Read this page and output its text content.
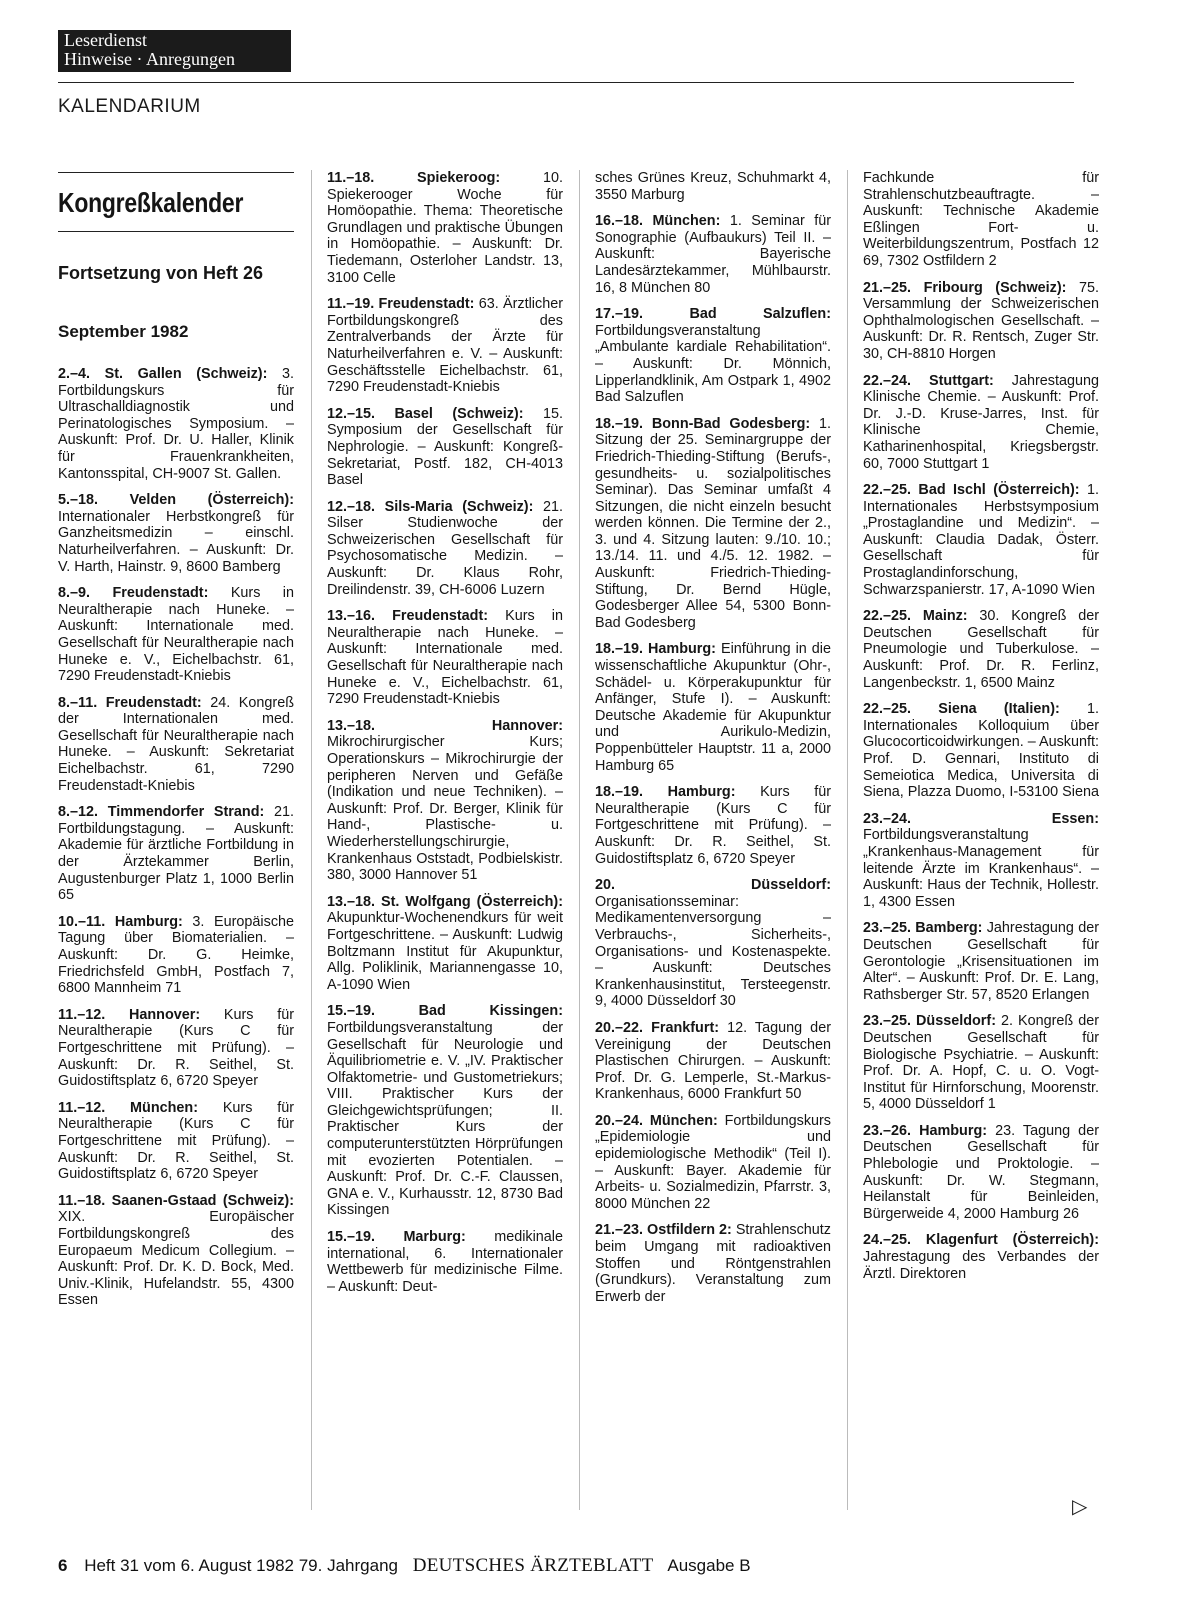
Leserdienst
Hinweise · Anregungen
KALENDARIUM
Kongreßkalender
Fortsetzung von Heft 26
September 1982
2.–4. St. Gallen (Schweiz): 3. Fortbildungskurs für Ultraschalldiagnostik und Perinatologisches Symposium. – Auskunft: Prof. Dr. U. Haller, Klinik für Frauenkrankheiten, Kantonsspital, CH-9007 St. Gallen.
5.–18. Velden (Österreich): Internationaler Herbstkongreß für Ganzheitsmedizin – einschl. Naturheilverfahren. – Auskunft: Dr. V. Harth, Hainstr. 9, 8600 Bamberg
8.–9. Freudenstadt: Kurs in Neuraltherapie nach Huneke. – Auskunft: Internationale med. Gesellschaft für Neuraltherapie nach Huneke e. V., Eichelbachstr. 61, 7290 Freudenstadt-Kniebis
8.–11. Freudenstadt: 24. Kongreß der Internationalen med. Gesellschaft für Neuraltherapie nach Huneke. – Auskunft: Sekretariat Eichelbachstr. 61, 7290 Freudenstadt-Kniebis
8.–12. Timmendorfer Strand: 21. Fortbildungstagung. – Auskunft: Akademie für ärztliche Fortbildung in der Ärztekammer Berlin, Augustenburger Platz 1, 1000 Berlin 65
10.–11. Hamburg: 3. Europäische Tagung über Biomaterialien. – Auskunft: Dr. G. Heimke, Friedrichsfeld GmbH, Postfach 7, 6800 Mannheim 71
11.–12. Hannover: Kurs für Neuraltherapie (Kurs C für Fortgeschrittene mit Prüfung). – Auskunft: Dr. R. Seithel, St. Guidostiftsplatz 6, 6720 Speyer
11.–12. München: Kurs für Neuraltherapie (Kurs C für Fortgeschrittene mit Prüfung). – Auskunft: Dr. R. Seithel, St. Guidostiftsplatz 6, 6720 Speyer
11.–18. Saanen-Gstaad (Schweiz): XIX. Europäischer Fortbildungskongreß des Europaeum Medicum Collegium. – Auskunft: Prof. Dr. K. D. Bock, Med. Univ.-Klinik, Hufelandstr. 55, 4300 Essen
11.–18.	Spiekeroog:	10. Spiekerooger Woche für Homöopathie. Thema: Theoretische Grundlagen und praktische Übungen in Homöopathie. – Auskunft: Dr. Tiedemann, Osterloher Landstr. 13, 3100 Celle
11.–19. Freudenstadt: 63. Ärztlicher Fortbildungskongreß des Zentralverbands der Ärzte für Naturheilverfahren e. V. – Auskunft: Geschäftsstelle Eichelbachstr. 61, 7290 Freudenstadt-Kniebis
12.–15. Basel (Schweiz): 15. Symposium der Gesellschaft für Nephrologie. – Auskunft: Kongreß-Sekretariat, Postf. 182, CH-4013 Basel
12.–18. Sils-Maria (Schweiz): 21. Silser Studienwoche der Schweizerischen Gesellschaft für Psychosomatische Medizin. – Auskunft: Dr. Klaus Rohr, Dreilindenstr. 39, CH-6006 Luzern
13.–16. Freudenstadt: Kurs in Neuraltherapie nach Huneke. – Auskunft: Internationale med. Gesellschaft für Neuraltherapie nach Huneke e. V., Eichelbachstr. 61, 7290 Freudenstadt-Kniebis
13.–18.	Hannover: Mikrochirurgischer Kurs; Operationskurs – Mikrochirurgie der peripheren Nerven und Gefäße (Indikation und neue Techniken). – Auskunft: Prof. Dr. Berger, Klinik für Hand-, Plastische- u. Wiederherstellungschirurgie, Krankenhaus Oststadt, Podbielskistr. 380, 3000 Hannover 51
13.–18. St. Wolfgang (Österreich): Akupunktur-Wochenendkurs für weit Fortgeschrittene. – Auskunft: Ludwig Boltzmann Institut für Akupunktur, Allg. Poliklinik, Mariannengasse 10, A-1090 Wien
15.–19.	Bad Kissingen: Fortbildungsveranstaltung der Gesellschaft für Neurologie und Äquilibriometrie e. V. „IV. Praktischer Olfaktometrie- und Gustometriekurs; VIII. Praktischer Kurs der Gleichgewichtsprüfungen; II. Praktischer Kurs der computerunterstützten Hörprüfungen mit evozierten Potentialen. – Auskunft: Prof. Dr. C.-F. Claussen, GNA e. V., Kurhausstr. 12, 8730 Bad Kissingen
15.–19. Marburg: medikinale international, 6. Internationaler Wettbewerb für medizinische Filme. – Auskunft: Deut-
sches Grünes Kreuz, Schuhmarkt 4, 3550 Marburg
16.–18. München: 1. Seminar für Sonographie (Aufbaukurs) Teil II. – Auskunft: Bayerische Landesärztekammer, Mühlbaurstr. 16, 8 München 80
17.–19.	Bad Salzuflen: Fortbildungsveranstaltung „Ambulante kardiale Rehabilitation“. – Auskunft: Dr. Mönnich, Lipperlandklinik, Am Ostpark 1, 4902 Bad Salzuflen
18.–19. Bonn-Bad Godesberg: 1. Sitzung der 25. Seminargruppe der Friedrich-Thieding-Stiftung (Berufs-, gesundheits- u. sozialpolitisches Seminar). Das Seminar umfaßt 4 Sitzungen, die nicht einzeln besucht werden können. Die Termine der 2., 3. und 4. Sitzung lauten: 9./10. 10.; 13./14. 11. und 4./5. 12. 1982. – Auskunft: Friedrich-Thieding-Stiftung, Dr. Bernd Hügle, Godesberger Allee 54, 5300 Bonn-Bad Godesberg
18.–19. Hamburg: Einführung in die wissenschaftliche Akupunktur (Ohr-, Schädel- u. Körperakupunktur für Anfänger, Stufe I). – Auskunft: Deutsche Akademie für Akupunktur und Aurikulo-Medizin, Poppenbütteler Hauptstr. 11 a, 2000 Hamburg 65
18.–19. Hamburg: Kurs für Neuraltherapie (Kurs C für Fortgeschrittene mit Prüfung). – Auskunft: Dr. R. Seithel, St. Guidostiftsplatz 6, 6720 Speyer
20.	Düsseldorf: Organisationsseminar: Medikamentenversorgung – Verbrauchs-, Sicherheits-, Organisations- und Kostenaspekte. – Auskunft: Deutsches Krankenhausinstitut, Tersteegenstr. 9, 4000 Düsseldorf 30
20.–22. Frankfurt: 12. Tagung der Vereinigung der Deutschen Plastischen Chirurgen. – Auskunft: Prof. Dr. G. Lemperle, St.-Markus-Krankenhaus, 6000 Frankfurt 50
20.–24. München: Fortbildungskurs „Epidemiologie und epidemiologische Methodik“ (Teil I). – Auskunft: Bayer. Akademie für Arbeits- u. Sozialmedizin, Pfarrstr. 3, 8000 München 22
21.–23. Ostfildern 2: Strahlenschutz beim Umgang mit radioaktiven Stoffen und Röntgenstrahlen (Grundkurs). Veranstaltung zum Erwerb der
Fachkunde für Strahlenschutzbeauftragte. – Auskunft: Technische Akademie Eßlingen Fort- u. Weiterbildungszentrum, Postfach 12 69, 7302 Ostfildern 2
21.–25. Fribourg (Schweiz): 75. Versammlung der Schweizerischen Ophthalmologischen Gesellschaft. – Auskunft: Dr. R. Rentsch, Zuger Str. 30, CH-8810 Horgen
22.–24. Stuttgart: Jahrestagung Klinische Chemie. – Auskunft: Prof. Dr. J.-D. Kruse-Jarres, Inst. für Klinische Chemie, Katharinenhospital, Kriegsbergstr. 60, 7000 Stuttgart 1
22.–25. Bad Ischl (Österreich): 1. Internationales Herbstsymposium „Prostaglandine und Medizin“. – Auskunft: Claudia Dadak, Österr. Gesellschaft für Prostaglandinforschung, Schwarzspanierstr. 17, A-1090 Wien
22.–25. Mainz: 30. Kongreß der Deutschen Gesellschaft für Pneumologie und Tuberkulose. – Auskunft: Prof. Dr. R. Ferlinz, Langenbeckstr. 1, 6500 Mainz
22.–25. Siena (Italien): 1. Internationales Kolloquium über Glucocorticoidwirkungen. – Auskunft: Prof. D. Gennari, Instituto di Semeiotica Medica, Universita di Siena, Plazza Duomo, I-53100 Siena
23.–24.	Essen: Fortbildungsveranstaltung „Krankenhaus-Management für leitende Ärzte im Krankenhaus“. – Auskunft: Haus der Technik, Hollestr. 1, 4300 Essen
23.–25. Bamberg: Jahrestagung der Deutschen Gesellschaft für Gerontologie „Krisensituationen im Alter“. – Auskunft: Prof. Dr. E. Lang, Rathsberger Str. 57, 8520 Erlangen
23.–25. Düsseldorf: 2. Kongreß der Deutschen Gesellschaft für Biologische Psychiatrie. – Auskunft: Prof. Dr. A. Hopf, C. u. O. Vogt-Institut für Hirnforschung, Moorenstr. 5, 4000 Düsseldorf 1
23.–26. Hamburg: 23. Tagung der Deutschen Gesellschaft für Phlebologie und Proktologie. – Auskunft: Dr. W. Stegmann, Heilanstalt für Beinleiden, Bürgerweide 4, 2000 Hamburg 26
24.–25. Klagenfurt (Österreich): Jahrestagung des Verbandes der Ärztl. Direktoren
▷
6 Heft 31 vom 6. August 1982 79. Jahrgang DEUTSCHES ÄRZTEBLATT Ausgabe B
